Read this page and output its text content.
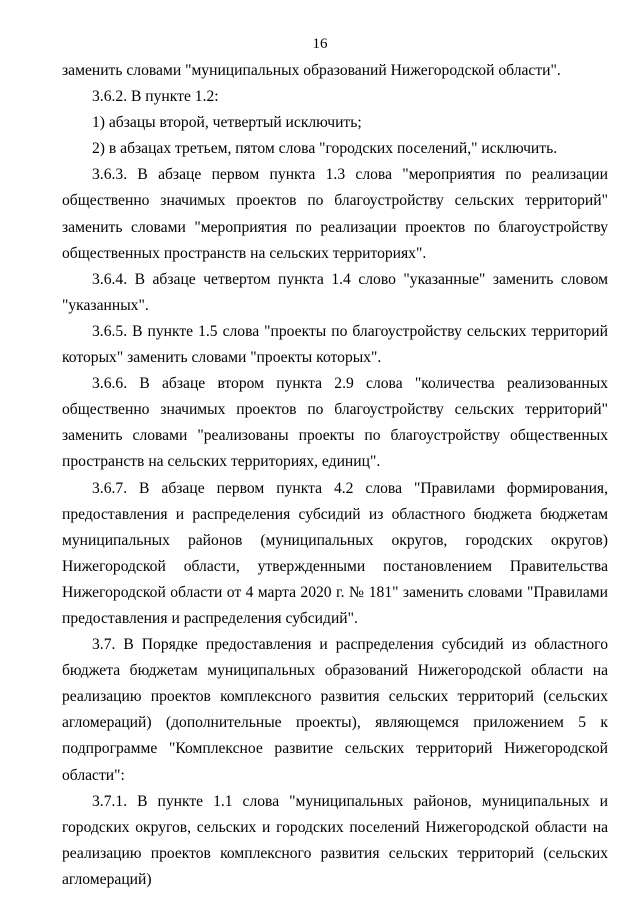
16

заменить словами "муниципальных образований Нижегородской области".

3.6.2. В пункте 1.2:

1) абзацы второй, четвертый исключить;

2) в абзацах третьем, пятом слова "городских поселений," исключить.

3.6.3. В абзаце первом пункта 1.3 слова "мероприятия по реализации общественно значимых проектов по благоустройству сельских территорий" заменить словами "мероприятия по реализации проектов по благоустройству общественных пространств на сельских территориях".

3.6.4. В абзаце четвертом пункта 1.4 слово "указанные" заменить словом "указанных".

3.6.5. В пункте 1.5 слова "проекты по благоустройству сельских территорий которых" заменить словами "проекты которых".

3.6.6. В абзаце втором пункта 2.9 слова "количества реализованных общественно значимых проектов по благоустройству сельских территорий" заменить словами "реализованы проекты по благоустройству общественных пространств на сельских территориях, единиц".

3.6.7. В абзаце первом пункта 4.2 слова "Правилами формирования, предоставления и распределения субсидий из областного бюджета бюджетам муниципальных районов (муниципальных округов, городских округов) Нижегородской области, утвержденными постановлением Правительства Нижегородской области от 4 марта 2020 г. № 181" заменить словами "Правилами предоставления и распределения субсидий".

3.7. В Порядке предоставления и распределения субсидий из областного бюджета бюджетам муниципальных образований Нижегородской области на реализацию проектов комплексного развития сельских территорий (сельских агломераций) (дополнительные проекты), являющемся приложением 5 к подпрограмме "Комплексное развитие сельских территорий Нижегородской области":

3.7.1. В пункте 1.1 слова "муниципальных районов, муниципальных и городских округов, сельских и городских поселений Нижегородской области на реализацию проектов комплексного развития сельских территорий (сельских агломераций)
